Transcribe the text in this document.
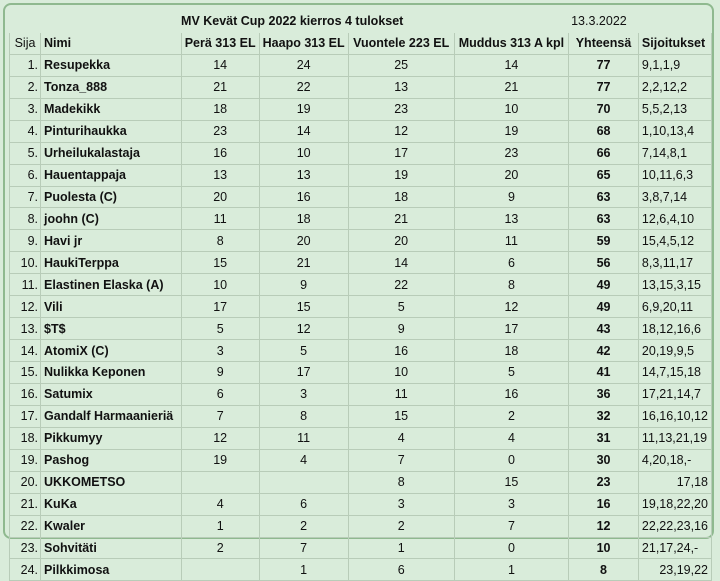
	MV Kevät Cup 2022 kierros 4 tulokset					13.3.2022	
Sija	Nimi	Perä 313 EL	Haapo 313 EL	Vuontele 223 EL	Muddus 313 A kpl	Yhteensä	Sijoitukset
1.	Resupekka	14	24	25	14	77	9,1,1,9
2.	Tonza_888	21	22	13	21	77	2,2,12,2
3.	Madekikk	18	19	23	10	70	5,5,2,13
4.	Pinturihaukka	23	14	12	19	68	1,10,13,4
5.	Urheilukalastaja	16	10	17	23	66	7,14,8,1
6.	Hauentappaja	13	13	19	20	65	10,11,6,3
7.	Puolesta (C)	20	16	18	9	63	3,8,7,14
8.	joohn (C)	11	18	21	13	63	12,6,4,10
9.	Havi jr	8	20	20	11	59	15,4,5,12
10.	HaukiTerppa	15	21	14	6	56	8,3,11,17
11.	Elastinen Elaska (A)	10	9	22	8	49	13,15,3,15
12.	Vili	17	15	5	12	49	6,9,20,11
13.	$T$	5	12	9	17	43	18,12,16,6
14.	AtomiX (C)	3	5	16	18	42	20,19,9,5
15.	Nulikka Keponen	9	17	10	5	41	14,7,15,18
16.	Satumix	6	3	11	16	36	17,21,14,7
17.	Gandalf Harmaanieriä	7	8	15	2	32	16,16,10,12
18.	Pikkumyy	12	11	4	4	31	11,13,21,19
19.	Pashog	19	4	7	0	30	4,20,18,-
20.	UKKOMETSO			8	15	23	17,18
21.	KuKa	4	6	3	3	16	19,18,22,20
22.	Kwaler	1	2	2	7	12	22,22,23,16
23.	Sohvitäti	2	7	1	0	10	21,17,24,-
24.	Pilkkimosa		1	6	1	8	23,19,22
